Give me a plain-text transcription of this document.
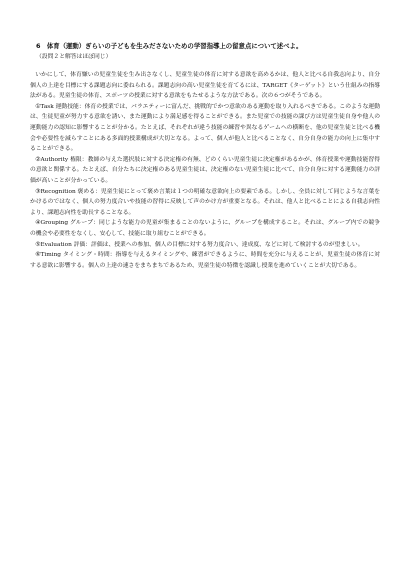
6　体育（運動）ぎらいの子どもを生みださないための学習指導上の留意点について述べよ。
（設問２と解答はほぼ同じ）

いかにして、体育嫌いの児童生徒を生み出さなくし、児童生徒の体育に対する意欲を高めるかは、他人と比べる自我志向より、自分個人の上達を目標にする課題志向に委ねられる。課題志向の高い児童生徒を育てるには、TARGET《ターゲット》という仕組みの指導法がある。児童生徒の体育、スポーツの授業に対する意欲をもたせるような方法である。次の６つがそうである。

①Task 運動技能：体育の授業では、バラエティーに富んだ、挑戦的でかつ意欲のある運動を取り入れるべきである。このような運動は、生徒児童が努力する意欲を誘い、また運動により満足感を得ることができる。また児童での技能の課び方は児童生徒自身や他人の運動能力の認知に影響することが分かる。たとえば、それぞれが違う技能の練習や異なるゲームへの横断を、他の児童生徒と比べる機会や必要性を減らすことにある多面的授業構成が大切となる。よって、個人が他人と比べることなく、自分自身の能力の向上に集中することができる。

②Authority 権限：教師の与えた選択肢に対する決定権の有無、どのくらい児童生徒に決定権があるかが、体育授業や運動技能習得の意欲と関係する。たとえば、自分たちに決定権のある児童生徒は、決定権のない児童生徒に比べて、自分自身に対する運動能力の評価が高いことが分かっている。

③Recognition 褒める：児童生徒にとって褒め言葉は１つの明確な意欲向上の要素である。しかし、全員に対して同じような言葉をかけるのではなく、個人の努力度合いや技能の習得に反映して声のかけ方が重要となる。それは、他人と比べることによる自我志向性より、課題志向性を助長することなる。

④Grouping グループ：同じような能力の児童が集まることのないように、グループを構成すること。それは、グループ内での競争の機会や必要性をなくし、安心して、技能に取り組むことができる。

⑤Evaluation 評価：評価は、授業への参加、個人の目標に対する努力度合い、達成度、などに対して検討するのが望ましい。

⑥Timing タイミング・時間：指導を与えるタイミングや、練習ができるように、時間を充分に与えることが、児童生徒の体育に対する意欲に影響する。個人の上達の速さをまちまちであるため、児童生徒の特徴を認識し授業を進めていくことが大切である。
